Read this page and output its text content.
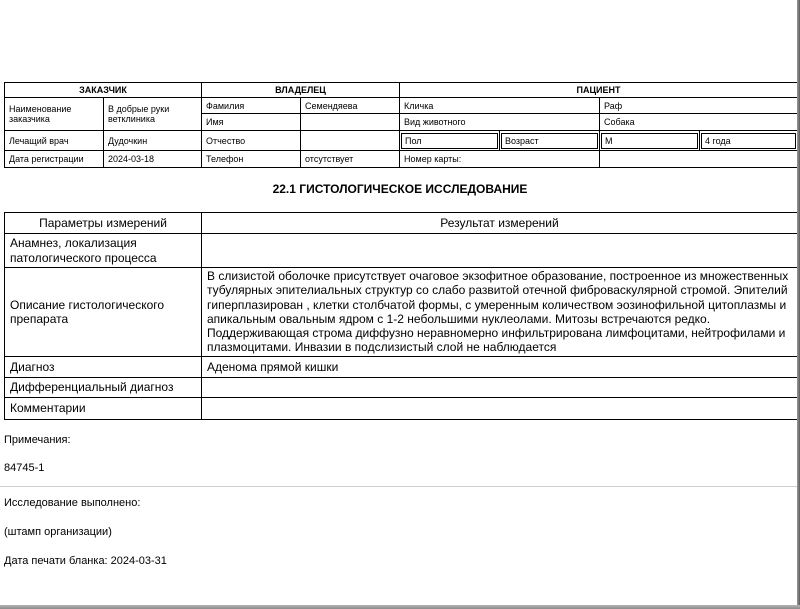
ЗАКАЗЧИК		ВЛАДЕЛЕЦ		ПАЦИЕНТ			
Наименование заказчика	В добрые руки ветклиника	Фамилия	Семендяева	Кличка		Раф	
		Имя		Вид животного		Собака	
Лечащий врач	Дудочкин	Отчество		Пол	Возраст	М	4 года

Дата регистрации	2024-03-18	Телефон	отсутствует	Номер карты:			
22.1 ГИСТОЛОГИЧЕСКОЕ ИССЛЕДОВАНИЕ
Параметры измерений	Результат измерений
Анамнез, локализация патологического процесса	
Описание гистологического препарата	В слизистой оболочке присутствует очаговое экзофитное образование, построенное из множественных тубулярных эпителиальных структур со слабо развитой отечной фиброваскулярной стромой. Эпителий гиперплазирован , клетки столбчатой формы, с умеренным количеством эозинофильной цитоплазмы и апикальным овальным ядром с 1-2 небольшими нуклеолами. Митозы встречаются редко. Поддерживающая строма диффузно неравномерно инфильтрирована лимфоцитами, нейтрофилами и плазмоцитами. Инвазии в подслизистый слой не наблюдается

Диагноз	Аденома прямой кишки
Дифференциальный диагноз	
Комментарии	
Примечания:
84745-1
Исследование выполнено:
(штамп организации)
Дата печати бланка: 2024-03-31
